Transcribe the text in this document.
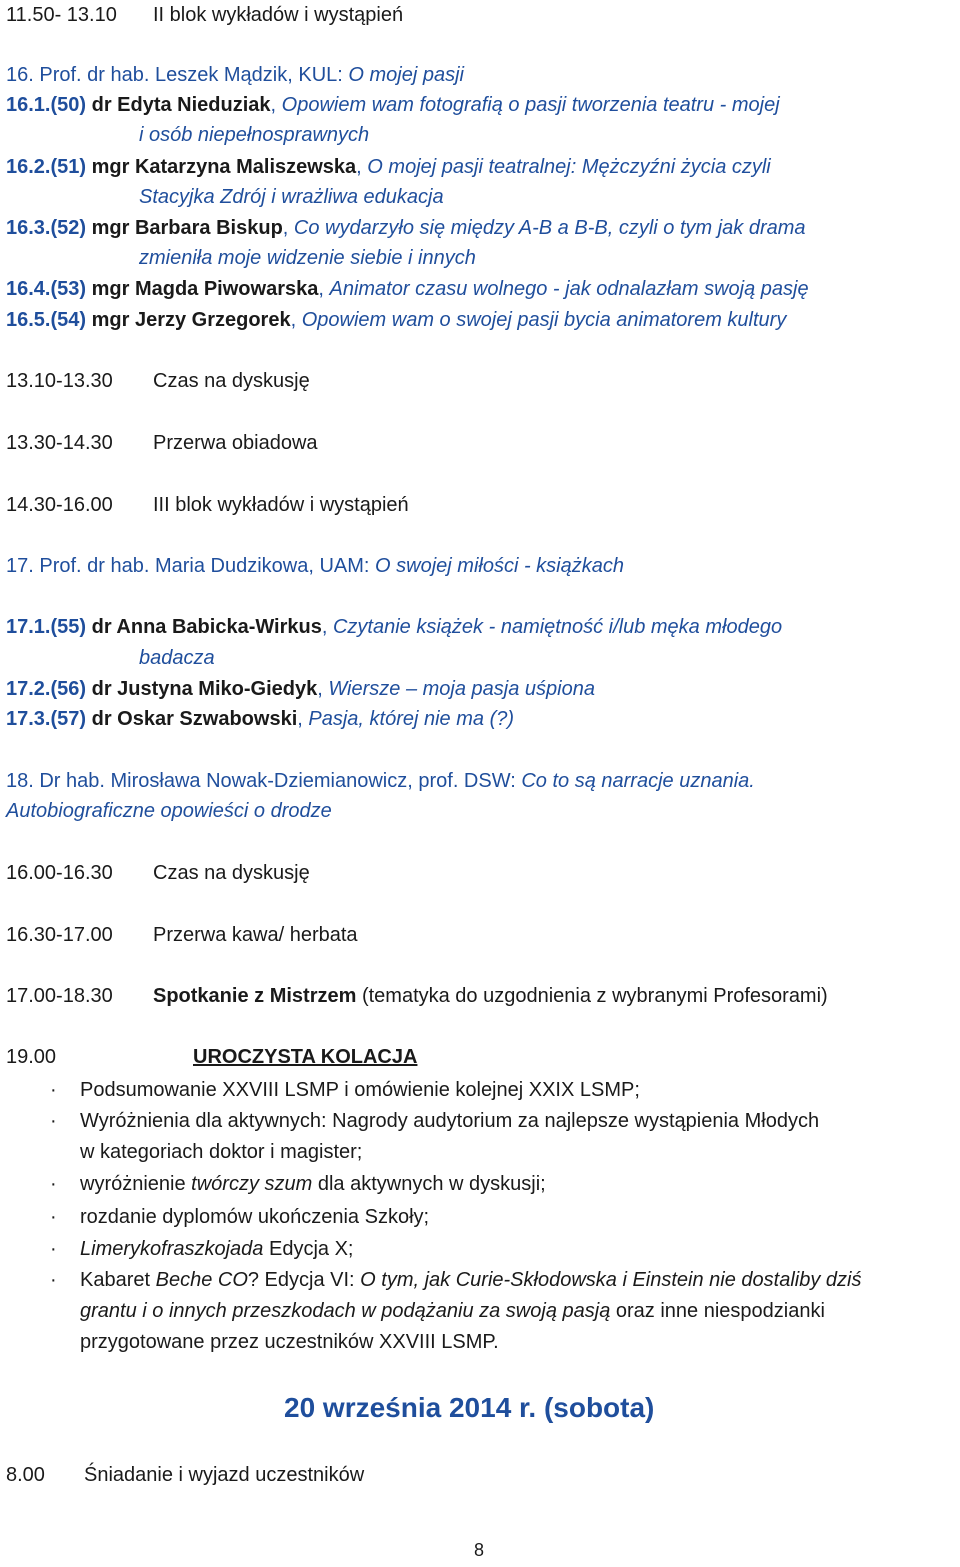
11.50- 13.10 II blok wykładów i wystąpień
16. Prof. dr hab. Leszek Mądzik, KUL: O mojej pasji
16.1.(50) dr Edyta Nieduziak, Opowiem wam fotografią o pasji tworzenia teatru - mojej
i osób niepełnosprawnych
16.2.(51) mgr Katarzyna Maliszewska, O mojej pasji teatralnej: Mężczyźni życia czyli
Stacyjka Zdrój i wrażliwa edukacja
16.3.(52) mgr Barbara Biskup, Co wydarzyło się między A-B a B-B, czyli o tym jak drama
zmieniła moje widzenie siebie i innych
16.4.(53) mgr Magda Piwowarska, Animator czasu wolnego - jak odnalazłam swoją pasję
16.5.(54) mgr Jerzy Grzegorek, Opowiem wam o swojej pasji bycia animatorem kultury
13.10-13.30 Czas na dyskusję
13.30-14.30 Przerwa obiadowa
14.30-16.00 III blok wykładów i wystąpień
17. Prof. dr hab. Maria Dudzikowa, UAM: O swojej miłości - książkach
17.1.(55) dr Anna Babicka-Wirkus, Czytanie książek - namiętność i/lub męka młodego
badacza
17.2.(56) dr Justyna Miko-Giedyk, Wiersze – moja pasja uśpiona
17.3.(57) dr Oskar Szwabowski, Pasja, której nie ma (?)
18. Dr hab. Mirosława Nowak-Dziemianowicz, prof. DSW: Co to są narracje uznania.
Autobiograficzne opowieści o drodze
16.00-16.30 Czas na dyskusję
16.30-17.00 Przerwa kawa/ herbata
17.00-18.30 Spotkanie z Mistrzem (tematyka do uzgodnienia z wybranymi Profesorami)
19.00	UROCZYSTA KOLACJA
· Podsumowanie XXVIII LSMP i omówienie kolejnej XXIX LSMP;
· Wyróżnienia dla aktywnych: Nagrody audytorium za najlepsze wystąpienia Młodych
w kategoriach doktor i magister;
· wyróżnienie twórczy szum dla aktywnych w dyskusji;
· rozdanie dyplomów ukończenia Szkoły;
· Limerykofraszkojada Edycja X;
· Kabaret Beche CO? Edycja VI: O tym, jak Curie-Skłodowska i Einstein nie dostaliby dziś
grantu i o innych przeszkodach w podążaniu za swoją pasją oraz inne niespodzianki
przygotowane przez uczestników XXVIII LSMP.
20 września 2014 r. (sobota)
8.00 Śniadanie i wyjazd uczestników
8
